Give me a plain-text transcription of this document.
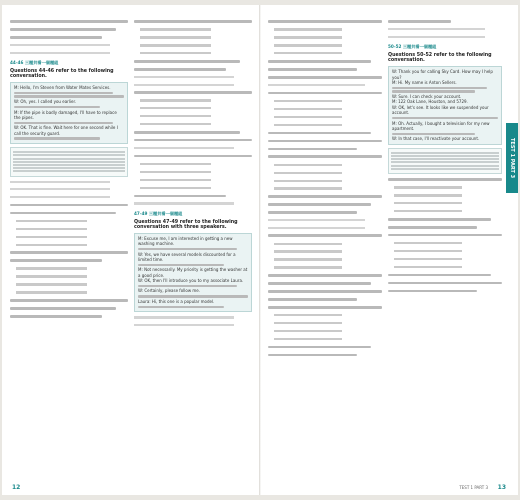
44-46 三題共看一個題組
Questions 44-46 refer to the following conversation.
M: Hello, I'm Steven from Water Mates Services.
W: Oh, yes. I called you earlier.
M: If the pipe is badly damaged, I'll have to replace the pipes.
W: OK. That is fine. Wait here for one second while I call the security guard.
47-49 三題共看一個題組
Questions 47-49 refer to the following conversation with three speakers.
M: Excuse me, I am interested in getting a new washing machine.
W: Yes, we have several models discounted for a limited time.
M: Not necessarily. My priority is getting the washer at a good price.
W: OK, then I'll introduce you to my associate Laura.
W: Certainly, please follow me.
Laura: Hi, this one is a popular model.
12
50-52 三題共看一個題組
Questions 50-52 refer to the following conversation.
W: Thank you for calling Sky Card. How may I help you?
M: Hi. My name is Anton Sellers.
W: Sure. I can check your account.
M: 122 Oak Lane, Houston, and 5729.
W: OK, let's see. It looks like we suspended your account.
M: Oh. Actually, I bought a television for my new apartment.
W: In that case, I'll reactivate your account.	TEST 1 PART 3
TEST 1 PART 3 13
